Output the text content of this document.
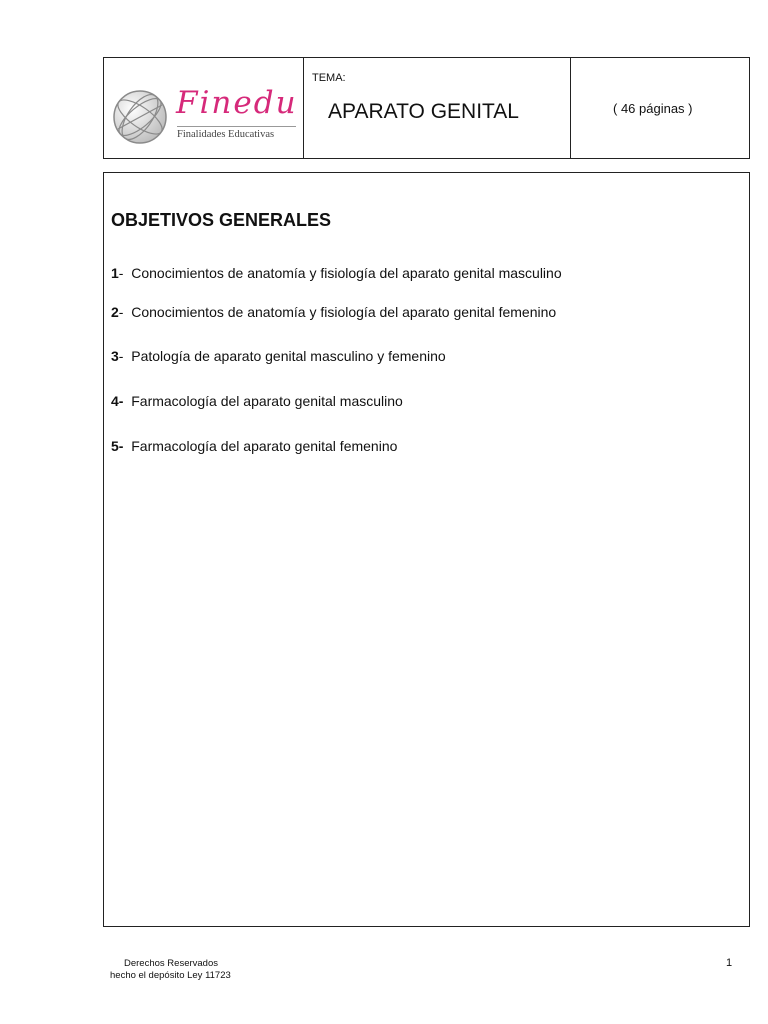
Finedu
Finalidades Educativas
TEMA:
APARATO GENITAL	( 46 páginas )
OBJETIVOS GENERALES
1- Conocimientos de anatomía y fisiología del aparato genital masculino
2- Conocimientos de anatomía y fisiología del aparato genital femenino
3- Patología de aparato genital masculino y femenino
4- Farmacología del aparato genital masculino
5- Farmacología del aparato genital femenino
Derechos Reservados
hecho el depósito Ley 11723
1
